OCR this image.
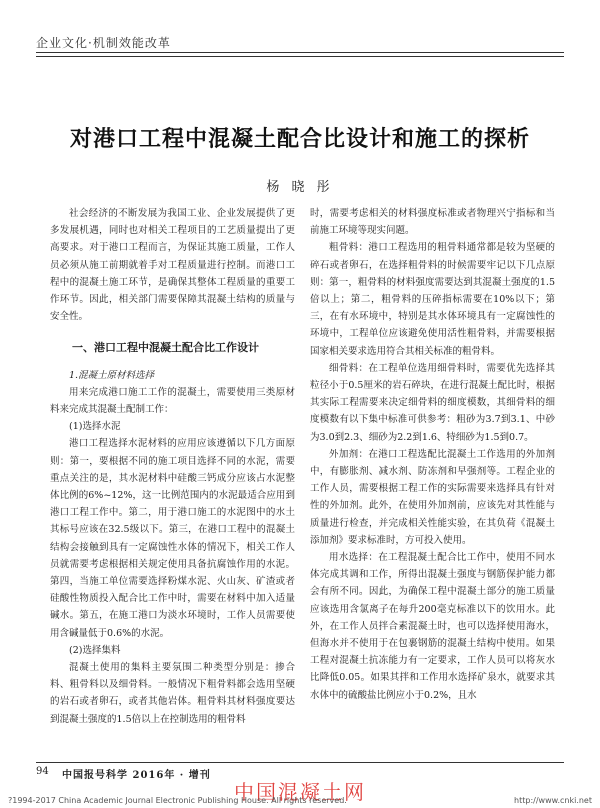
企业文化·机制效能改革
对港口工程中混凝土配合比设计和施工的探析
杨 晓 彤

社会经济的不断发展为我国工业、企业发展提供了更多发展机遇，同时也对相关工程项目的工艺质量提出了更高要求。对于港口工程而言，为保证其施工质量，工作人员必须从施工前期就着手对工程质量进行控制。而港口工程中的混凝土施工环节，是确保其整体工程质量的重要工作环节。因此，相关部门需要保障其混凝土结构的质量与安全性。

一、港口工程中混凝土配合比工作设计

1.混凝土原材料选择

用来完成港口施工工作的混凝土，需要使用三类原材料来完成其混凝土配制工作：

(1)选择水泥

港口工程选择水泥材料的应用应该遵循以下几方面原则：第一，要根据不同的施工项目选择不同的水泥，需要重点关注的是，其水泥材料中硅酸三钙成分应该占水泥整体比例的6%~12%，这一比例范围内的水泥最适合应用到港口工程工作中。第二，用于港口施工的水泥图中的水土其标号应该在32.5级以下。第三，在港口工程中的混凝土结构会接触到具有一定腐蚀性水体的情况下，相关工作人员就需要考虑根据相关规定使用具备抗腐蚀作用的水泥。第四，当施工单位需要选择粉煤水泥、火山灰、矿渣或者硅酸性物质投入配合比工作中时，需要在材料中加入适量碱水。第五，在施工港口为淡水环境时，工作人员需要使用含碱量低于0.6%的水泥。

(2)选择集料

混凝土使用的集料主要氛围二种类型分别是：掺合料、粗骨料以及细骨料。一般情况下粗骨料都会选用坚硬的岩石或者卵石，或者其他岩体。粗骨料其材料强度要达到混凝土强度的1.5倍以上在控制选用的粗骨料

时，需要考虑相关的材料强度标准或者物理兴宁指标和当前施工环境等现实问题。

粗骨料：港口工程选用的粗骨料通常都是较为坚硬的碎石或者卵石，在选择粗骨料的时候需要牢记以下几点原则：第一，粗骨料的材料强度需要达到其混凝土强度的1.5倍以上；第二，粗骨料的压碎指标需要在10%以下；第三，在有水环境中，特别是其水体环境具有一定腐蚀性的环境中，工程单位应该避免使用活性粗骨料，并需要根据国家相关要求选用符合其相关标准的粗骨料。

细骨料：在工程单位选用细骨料时，需要优先选择其粒径小于0.5厘米的岩石碎块，在进行混凝土配比时，根据其实际工程需要来决定细骨料的细度模数，其细骨料的细度模数有以下集中标准可供参考：粗砂为3.7到3.1、中砂为3.0到2.3、细砂为2.2到1.6、特细砂为1.5到0.7。

外加剂：在港口工程选配比混凝土工作选用的外加剂中，有膨胀剂、减水剂、防冻剂和早强剂等。工程企业的工作人员，需要根据工程工作的实际需要来选择具有针对性的外加剂。此外，在使用外加剂前，应该先对其性能与质量进行检查，并完成相关性能实验，在其负荷《混凝土添加剂》要求标准时，方可投入使用。

用水选择：在工程混凝土配合比工作中，使用不同水体完成其调和工作，所得出混凝土强度与钢筋保护能力都会有所不同。因此，为确保工程中混凝土部分的施工质量应该选用含氯离子在每升200毫克标准以下的饮用水。此外，在工作人员拌合素混凝土时，也可以选择使用海水，但海水并不使用于在包裹钢筋的混凝土结构中使用。如果工程对混凝土抗冻能力有一定要求，工作人员可以将灰水比降低0.05。如果其拌和工作用水选择矿泉水，就要求其水体中的硫酸盐比例应小于0.2%，且水

94 中国报号科学 2016年 · 增刊
中国混凝土网
?1994-2017 China Academic Journal Electronic Publishing House. All rights reserved.	http://www.cnki.net
